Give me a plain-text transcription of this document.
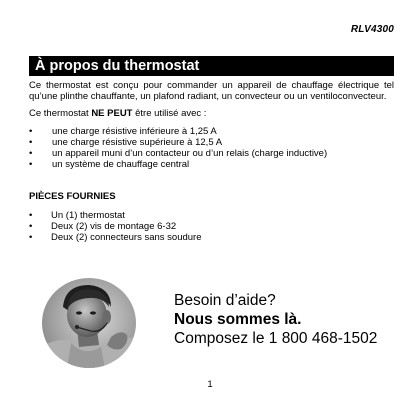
RLV4300
À propos du thermostat

Ce thermostat est conçu pour commander un appareil de chauffage électrique tel qu’une plinthe chauffante, un plafond radiant, un convecteur ou un ventiloconvecteur.

Ce thermostat NE PEUT être utilisé avec :

• une charge résistive inférieure à 1,25 A
• une charge résistive supérieure à 12,5 A
• un appareil muni d’un contacteur ou d’un relais (charge inductive)
• un système de chauffage central

PIÈCES FOURNIES

• Un (1) thermostat
• Deux (2) vis de montage 6-32
• Deux (2) connecteurs sans soudure
Besoin d’aide?
Nous sommes là.
Composez le 1 800 468-1502
1
